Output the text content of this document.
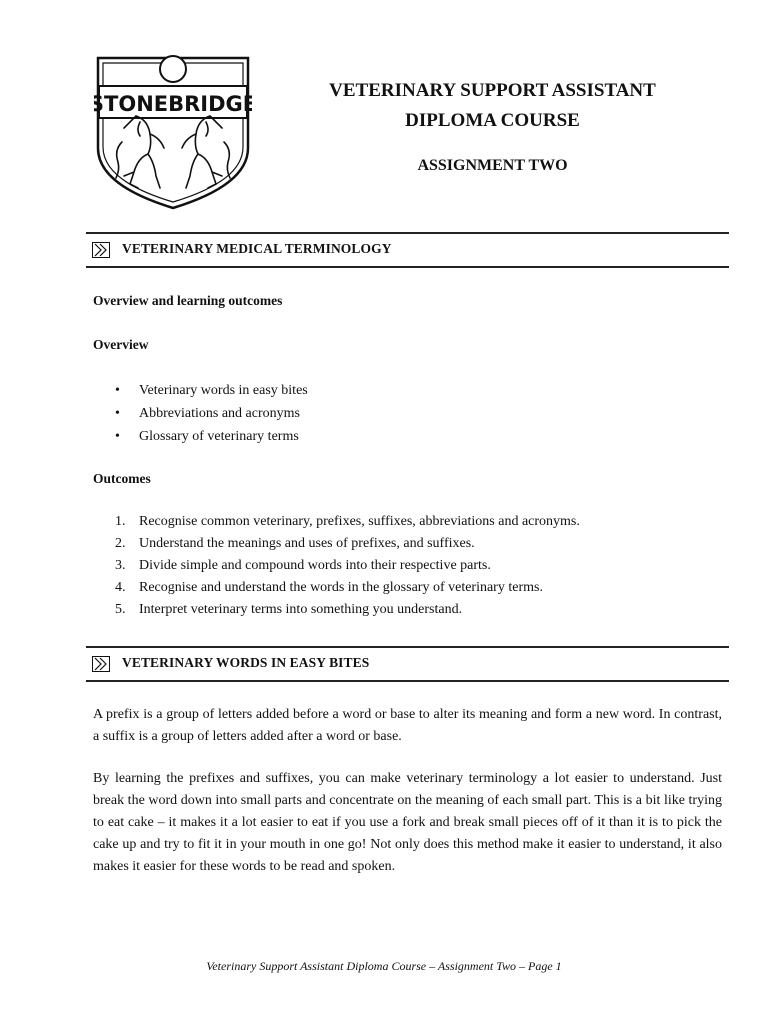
STONEBRIDGE
VETERINARY SUPPORT ASSISTANT
DIPLOMA COURSE
ASSIGNMENT TWO
VETERINARY MEDICAL TERMINOLOGY
Overview and learning outcomes
Overview
• Veterinary words in easy bites
• Abbreviations and acronyms
• Glossary of veterinary terms
Outcomes
1. Recognise common veterinary, prefixes, suffixes, abbreviations and acronyms.
2. Understand the meanings and uses of prefixes, and suffixes.
3. Divide simple and compound words into their respective parts.
4. Recognise and understand the words in the glossary of veterinary terms.
5. Interpret veterinary terms into something you understand.
VETERINARY WORDS IN EASY BITES

A prefix is a group of letters added before a word or base to alter its meaning and form a new word. In contrast, a suffix is a group of letters added after a word or base.

By learning the prefixes and suffixes, you can make veterinary terminology a lot easier to understand. Just break the word down into small parts and concentrate on the meaning of each small part. This is a bit like trying to eat cake – it makes it a lot easier to eat if you use a fork and break small pieces off of it than it is to pick the cake up and try to fit it in your mouth in one go! Not only does this method make it easier to understand, it also makes it easier for these words to be read and spoken.

Veterinary Support Assistant Diploma Course – Assignment Two – Page 1
